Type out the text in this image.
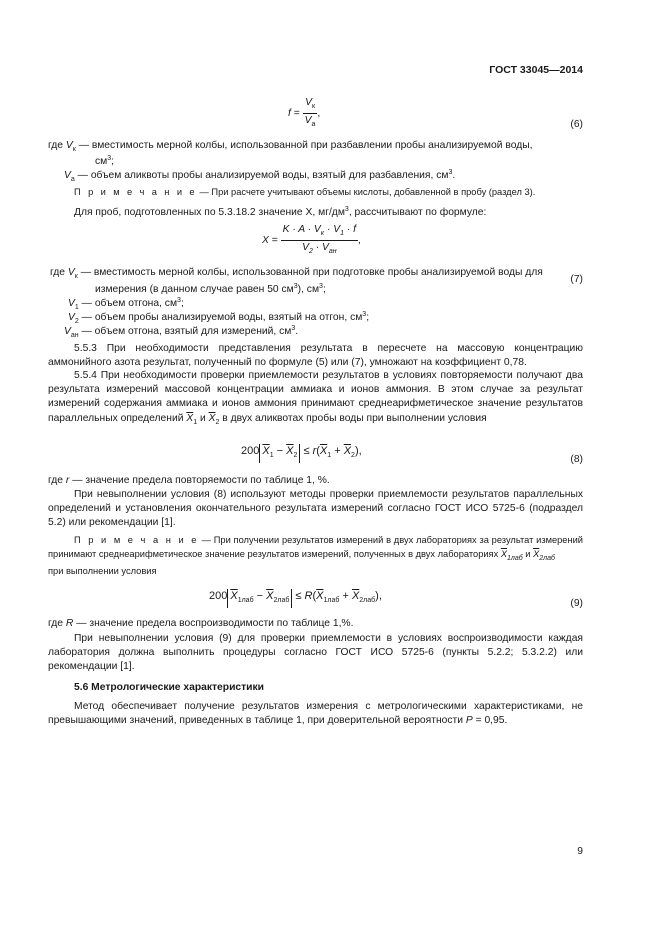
ГОСТ 33045—2014
$f = \frac{V_к}{V_а}$ ,
(6)
где $V_к$ — вместимость мерной колбы, использованной при разбавлении пробы анализируемой воды,
$см^3$;
$V_а$ — объем аликвоты пробы анализируемой воды, взятый для разбавления, $см^3$.
П р и м е ч а н и е — При расчете учитывают объемы кислоты, добавленной в пробу (раздел 3).
Для проб, подготовленных по 5.3.18.2 значение X, $мг/дм^3$, рассчитывают по формуле:
$X = \frac{K \cdot A \cdot V_к \cdot V_1 \cdot f}{V_2 \cdot V_{ан}}$ ,
(7)
где $V_к$ — вместимость мерной колбы, использованной при подготовке пробы анализируемой воды для
измерения (в данном случае равен 50 $см^3$), $см^3$;
$V_1$ — объем отгона, $см^3$;
$V_2$ — объем пробы анализируемой воды, взятый на отгон, $см^3$;
$V_{ан}$ — объем отгона, взятый для измерений, $см^3$.
5.5.3 При необходимости представления результата в пересчете на массовую концентрацию аммонийного азота результат, полученный по формуле (5) или (7), умножают на коэффициент 0,78.
5.5.4 При необходимости проверки приемлемости результатов в условиях повторяемости получают два результата измерений массовой концентрации аммиака и ионов аммония. В этом случае за результат измерений содержания аммиака и ионов аммония принимают среднеарифметическое значение результатов параллельных определений $\overline{X}_1$ и $\overline{X}_2$ в двух аликвотах пробы воды при выполнении условия
200 $\overline{X}_1 - \overline{X}_2 \le r(\overline{X}_1 + \overline{X}_2)$,
(8)
где r — значение предела повторяемости по таблице 1, %.
При невыполнении условия (8) используют методы проверки приемлемости результатов параллельных определений и установления окончательного результата измерений согласно ГОСТ ИСО 5725-6 (подраздел 5.2) или рекомендации [1].
П р и м е ч а н и е — При получении результатов измерений в двух лабораториях за результат измерений принимают среднеарифметическое значение результатов измерений, полученных в двух лабораториях $\overline{X}_{1лаб}$ и $\overline{X}_{2лаб}$
при выполнении условия
200 $\overline{X}_{1лаб} - \overline{X}_{2лаб} \le R(\overline{X}_{1лаб} + \overline{X}_{2лаб})$,
(9)
где R — значение предела воспроизводимости по таблице 1,%.
При невыполнении условия (9) для проверки приемлемости в условиях воспроизводимости каждая лаборатория должна выполнить процедуры согласно ГОСТ ИСО 5725-6 (пункты 5.2.2; 5.3.2.2) или рекомендации [1].
5.6 Метрологические характеристики
Метод обеспечивает получение результатов измерения с метрологическими характеристиками, не превышающими значений, приведенных в таблице 1, при доверительной вероятности P = 0,95.
9
